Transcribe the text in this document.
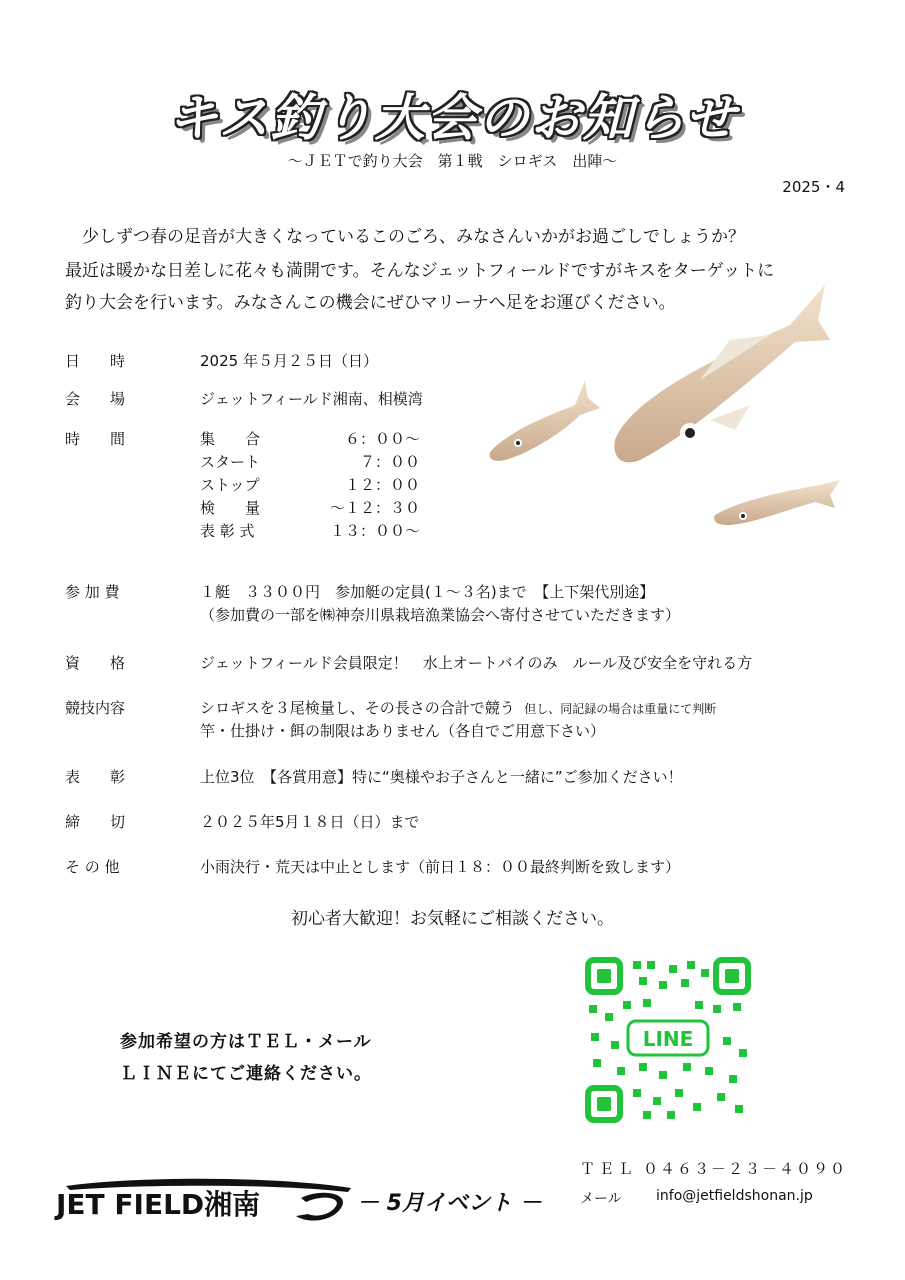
キス釣り大会のお知らせ
～ＪＥＴで釣り大会　第１戦　シロギス　出陣～
2025・4
　少しずつ春の足音が大きくなっているこのごろ、みなさんいかがお過ごしでしょうか？
最近は暖かな日差しに花々も満開です。そんなジェットフィールドですがキスをターゲットに
釣り大会を行います。みなさんこの機会にぜひマリーナへ足をお運びください。
日　　時	2025 年５月２５日（日）
会　　場	ジェットフィールド湘南、相模湾
時　　間	集　　合	６：００～
スタート	７：００
ストップ	１２：００
検　　量	～１２：３０
表 彰 式	１３：００～
参 加 費	１艇　３３００円　参加艇の定員(１～３名)まで　【上下架代別途】
（参加費の一部を㈱神奈川県栽培漁業協会へ寄付させていただきます）
資　　格	ジェットフィールド会員限定！　水上オートバイのみ　ルール及び安全を守れる方
競技内容	シロギスを３尾検量し、その長さの合計で競う 但し、同記録の場合は重量にて判断
竿・仕掛け・餌の制限はありません（各自でご用意下さい）
表　　彰	上位3位　【各賞用意】特に“奥様やお子さんと一緒に”ご参加ください！
締　　切	２０２５年5月１８日（日）まで
そ の 他	小雨決行・荒天は中止とします（前日１８：００最終判断を致します）
初心者大歓迎！お気軽にご相談ください。
参加希望の方はＴＥＬ・メール
ＬＩＮＥにてご連絡ください。
LINE
ＴＥＬ ０４６３－２３－４０９０
メール info@jetfieldshonan.jp
JET FIELD湘南	－ 5月イベント －
